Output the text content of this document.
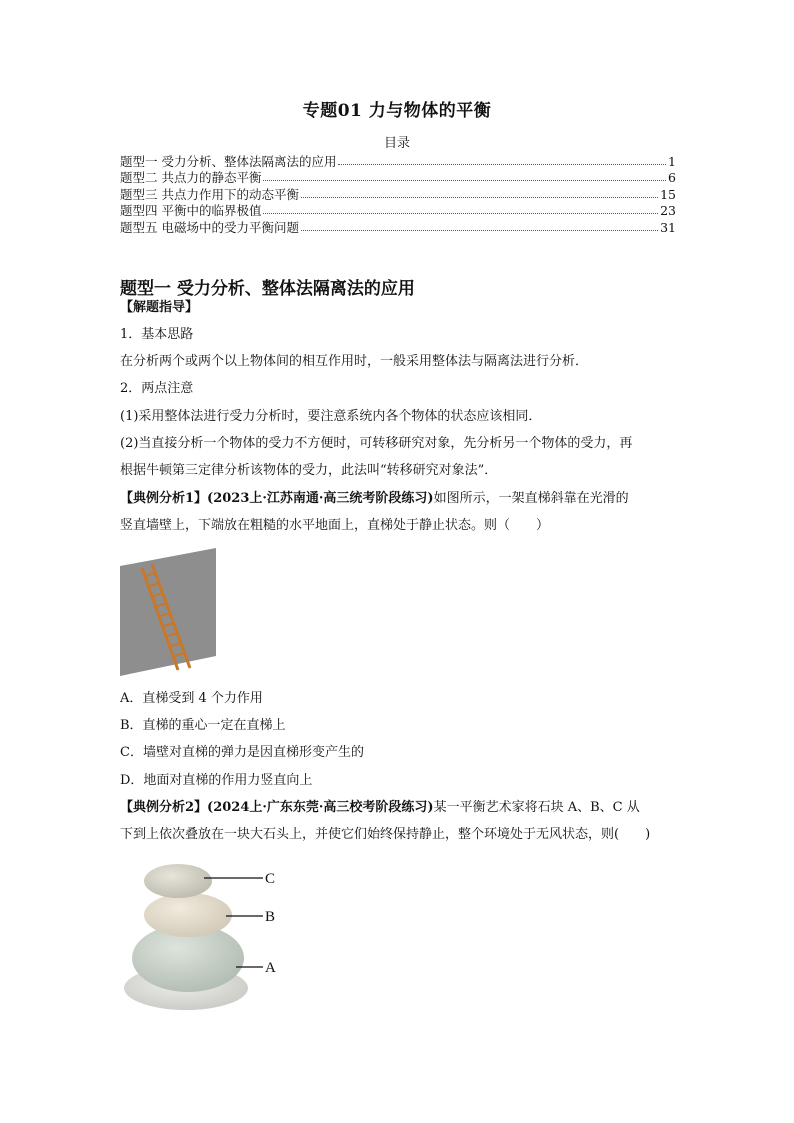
专题01 力与物体的平衡
目录
题型一 受力分析、整体法隔离法的应用	1
题型二 共点力的静态平衡	6
题型三 共点力作用下的动态平衡	15
题型四 平衡中的临界极值	23
题型五 电磁场中的受力平衡问题	31
题型一 受力分析、整体法隔离法的应用
【解题指导】
1．基本思路
在分析两个或两个以上物体间的相互作用时，一般采用整体法与隔离法进行分析．
2．两点注意
(1)采用整体法进行受力分析时，要注意系统内各个物体的状态应该相同．
(2)当直接分析一个物体的受力不方便时，可转移研究对象，先分析另一个物体的受力，再
根据牛顿第三定律分析该物体的受力，此法叫“转移研究对象法”．
【典例分析1】(2023上·江苏南通·高三统考阶段练习)如图所示，一架直梯斜靠在光滑的
竖直墙壁上，下端放在粗糙的水平地面上，直梯处于静止状态。则（　　）
A．直梯受到 4 个力作用
B．直梯的重心一定在直梯上
C．墙壁对直梯的弹力是因直梯形变产生的
D．地面对直梯的作用力竖直向上
【典例分析2】(2024上·广东东莞·高三校考阶段练习)某一平衡艺术家将石块 A、B、C 从
下到上依次叠放在一块大石头上，并使它们始终保持静止，整个环境处于无风状态，则(　　)
C
B
A
